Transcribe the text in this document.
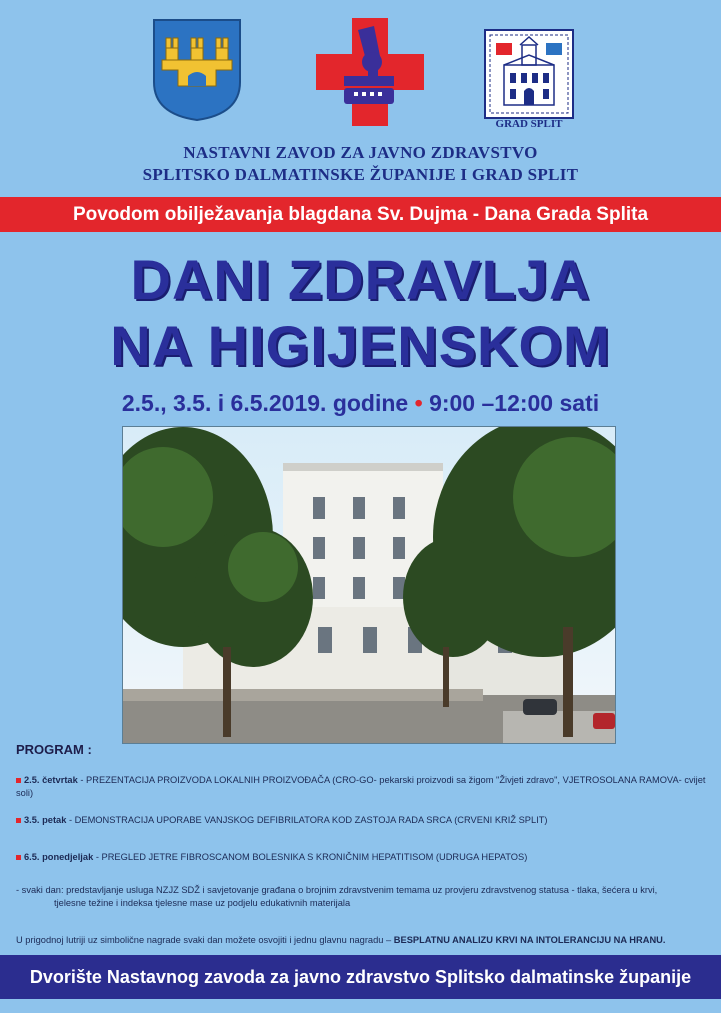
GRAD SPLIT
NASTAVNI ZAVOD ZA JAVNO ZDRAVSTVO
SPLITSKO DALMATINSKE ŽUPANIJE I GRAD SPLIT
Povodom obilježavanja blagdana Sv. Dujma - Dana Grada Splita
DANI ZDRAVLJA
NA HIGIJENSKOM
2.5., 3.5. i 6.5.2019. godine • 9:00 –12:00 sati
PROGRAM :
2.5. četvrtak - PREZENTACIJA PROIZVODA LOKALNIH PROIZVOĐAČA (CRO-GO- pekarski proizvodi sa žigom "Živjeti zdravo", VJETROSOLANA RAMOVA- cvijet soli)
3.5. petak - DEMONSTRACIJA UPORABE VANJSKOG DEFIBRILATORA KOD ZASTOJA RADA SRCA (CRVENI KRIŽ SPLIT)
6.5. ponedjeljak - PREGLED JETRE FIBROSCANOM BOLESNIKA S KRONIČNIM HEPATITISOM (UDRUGA HEPATOS)
- svaki dan: predstavljanje usluga NZJZ SDŽ i savjetovanje građana o brojnim zdravstvenim temama uz provjeru zdravstvenog statusa - tlaka, šećera u krvi,
tjelesne težine i indeksa tjelesne mase uz podjelu edukativnih materijala
U prigodnoj lutriji uz simbolične nagrade svaki dan možete osvojiti i jednu glavnu nagradu – BESPLATNU ANALIZU KRVI NA INTOLERANCIJU NA HRANU.
Dvorište Nastavnog zavoda za javno zdravstvo Splitsko dalmatinske županije
